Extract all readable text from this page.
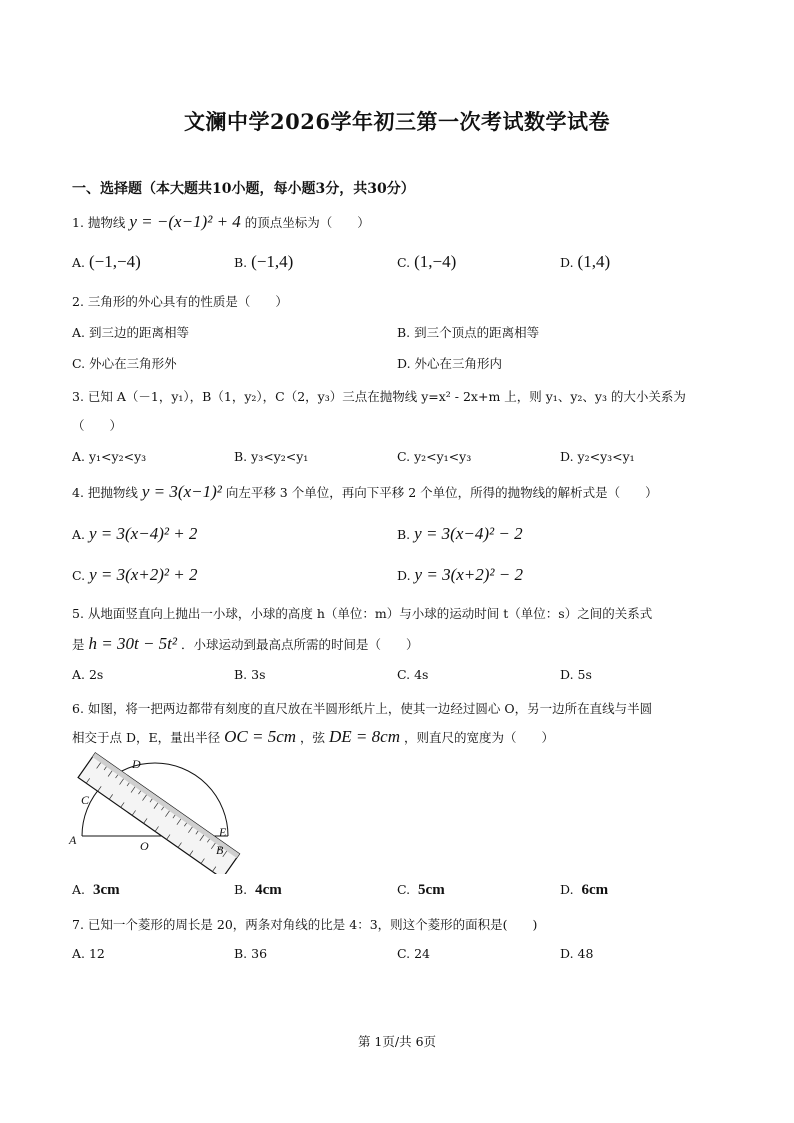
文澜中学2026学年初三第一次考试数学试卷
一、选择题（本大题共10小题，每小题3分，共30分）
1. 抛物线 y = −(x−1)² + 4 的顶点坐标为（　　）
A. (−1,−4)	B. (−1,4)	C. (1,−4)	D. (1,4)
2. 三角形的外心具有的性质是（　　）
A. 到三边的距离相等	B. 到三个顶点的距离相等
C. 外心在三角形外	D. 外心在三角形内
3. 已知 A（－1，y₁），B（1，y₂），C（2，y₃）三点在抛物线 y=x² - 2x+m 上，则 y₁、y₂、y₃ 的大小关系为
（　　）
A. y₁<y₂<y₃	B. y₃<y₂<y₁	C. y₂<y₁<y₃	D. y₂<y₃<y₁
4. 把抛物线 y = 3(x−1)² 向左平移 3 个单位，再向下平移 2 个单位，所得的抛物线的解析式是（　　）
A. y = 3(x−4)² + 2	B. y = 3(x−4)² − 2
C. y = 3(x+2)² + 2	D. y = 3(x+2)² − 2
5. 从地面竖直向上抛出一小球，小球的高度 h（单位：m）与小球的运动时间 t（单位：s）之间的关系式
是 h = 30t − 5t² ．小球运动到最高点所需的时间是（　　）
A. 2s	B. 3s	C. 4s	D. 5s
6. 如图，将一把两边都带有刻度的直尺放在半圆形纸片上，使其一边经过圆心 O，另一边所在直线与半圆
相交于点 D，E，量出半径 OC = 5cm ，弦 DE = 8cm ，则直尺的宽度为（　　）
A	O	B
E
C
D
A. 3cm	B. 4cm	C. 5cm	D. 6cm
7. 已知一个菱形的周长是 20，两条对角线的比是 4：3，则这个菱形的面积是(　　)
A. 12	B. 36	C. 24	D. 48
第 1页/共 6页
